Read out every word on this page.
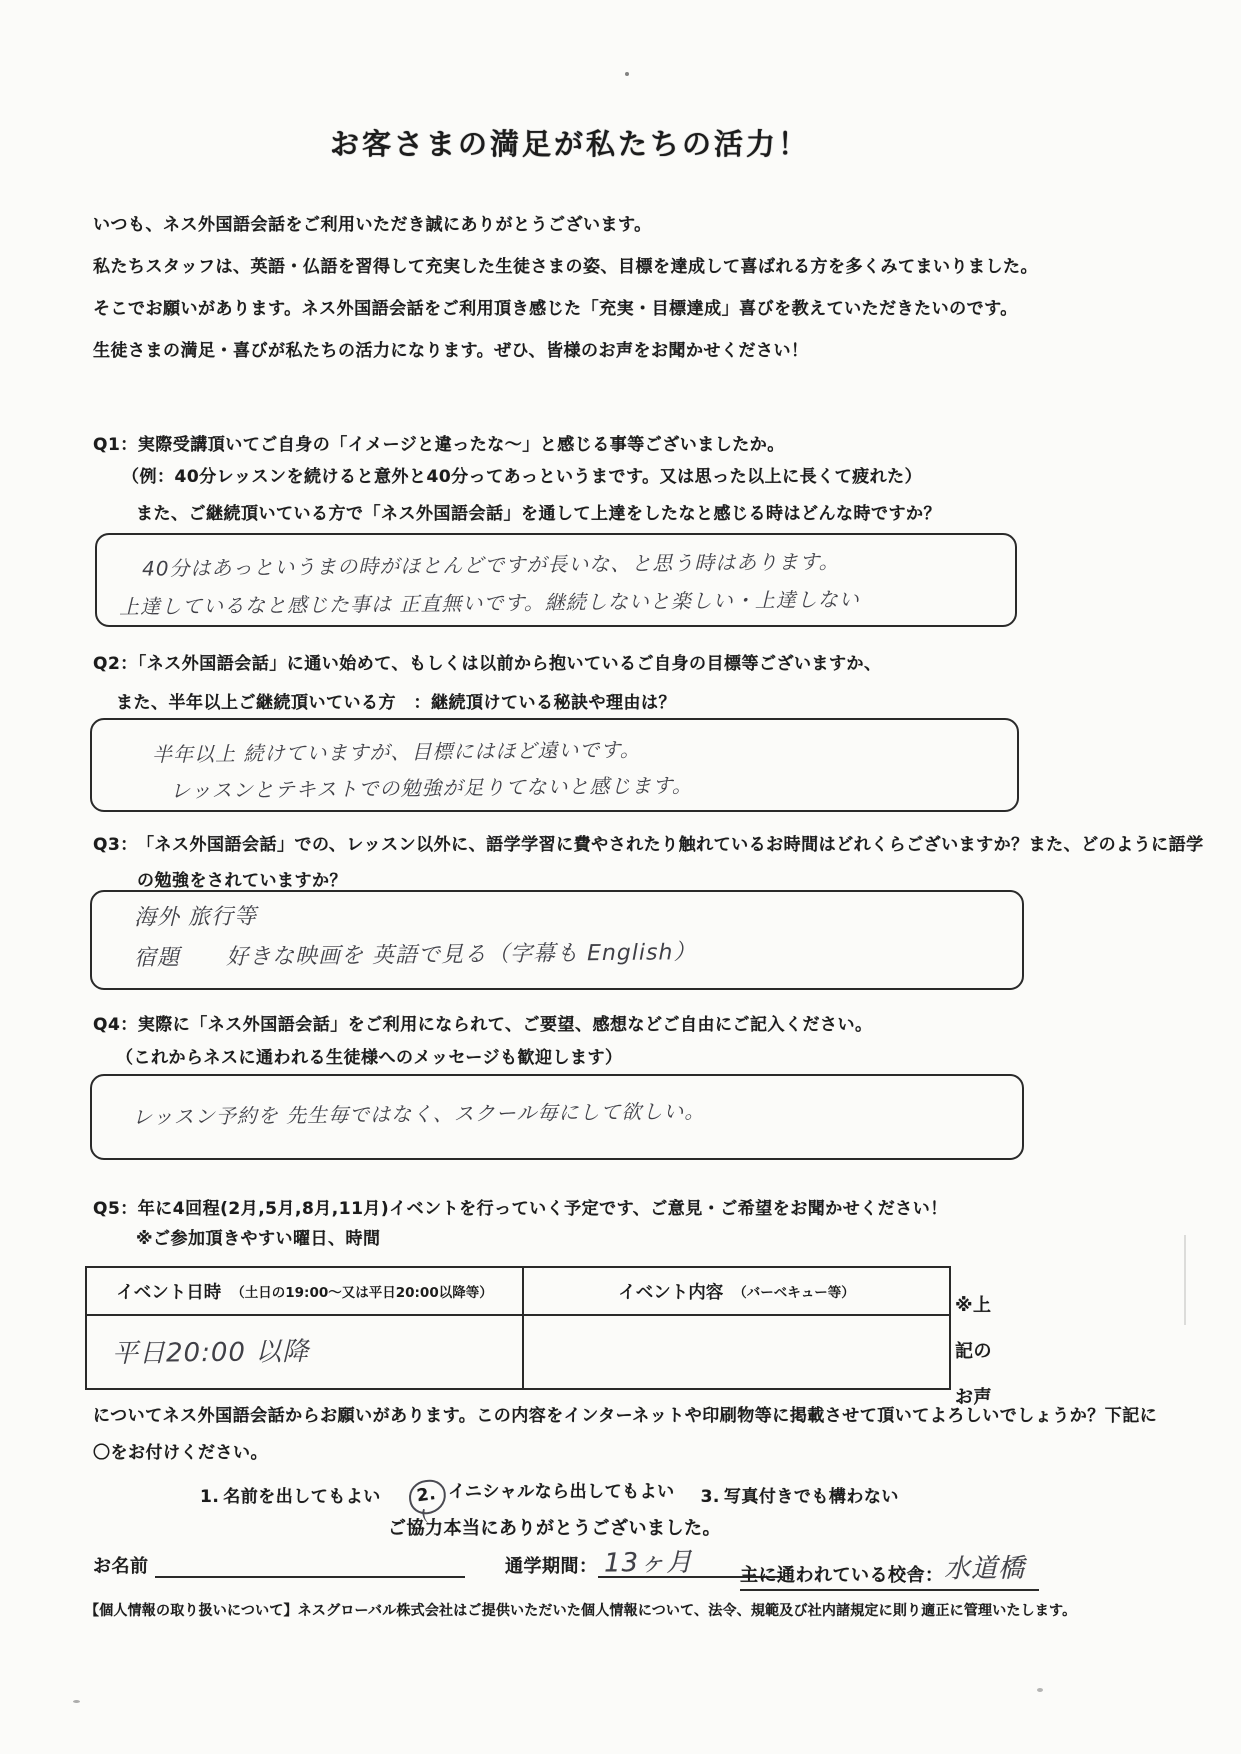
お客さまの満足が私たちの活力！

いつも、ネス外国語会話をご利用いただき誠にありがとうございます。

私たちスタッフは、英語・仏語を習得して充実した生徒さまの姿、目標を達成して喜ばれる方を多くみてまいりました。

そこでお願いがあります。ネス外国語会話をご利用頂き感じた「充実・目標達成」喜びを教えていただきたいのです。

生徒さまの満足・喜びが私たちの活力になります。ぜひ、皆様のお声をお聞かせください！

Q1：実際受講頂いてご自身の「イメージと違ったな～」と感じる事等ございましたか。
（例：40分レッスンを続けると意外と40分ってあっというまです。又は思った以上に長くて疲れた）
また、ご継続頂いている方で「ネス外国語会話」を通して上達をしたなと感じる時はどんな時ですか？
40分はあっというまの時がほとんどですが長いな、と思う時はあります。
上達しているなと感じた事は 正直無いです。継続しないと楽しい・上達しない
Q2：「ネス外国語会話」に通い始めて、もしくは以前から抱いているご自身の目標等ございますか、
また、半年以上ご継続頂いている方　：継続頂けている秘訣や理由は？
半年以上 続けていますが、目標にはほど遠いです。
レッスンとテキストでの勉強が足りてないと感じます。
Q3： 「ネス外国語会話」での、レッスン以外に、語学学習に費やされたり触れているお時間はどれくらございますか？また、どのように語学の勉強をされていますか？
海外 旅行等
宿題　　好きな映画を 英語で見る（字幕も English）
Q4：実際に「ネス外国語会話」をご利用になられて、ご要望、感想などご自由にご記入ください。
（これからネスに通われる生徒様へのメッセージも歓迎します）
レッスン予約を 先生毎ではなく、スクール毎にして欲しい。
Q5：年に4回程(2月,5月,8月,11月)イベントを行っていく予定です、ご意見・ご希望をお聞かせください！
※ご参加頂きやすい曜日、時間
イベント日時 （土日の19:00～又は平日20:00以降等）	イベント内容 （バーベキュー等）
平日20:00 以降
※上
記の
お声
についてネス外国語会話からお願いがあります。この内容をインターネットや印刷物等に掲載させて頂いてよろしいでしょうか？下記に〇をお付けください。
1. 名前を出してもよい	2. イニシャルなら出してもよい 3. 写真付きでも構わない
ご協力本当にありがとうございました。
お名前	通学期間： 13ヶ月	主に通われている校舎：水道橋
【個人情報の取り扱いについて】ネスグローバル株式会社はご提供いただいた個人情報について、法令、規範及び社内諸規定に則り適正に管理いたします。
